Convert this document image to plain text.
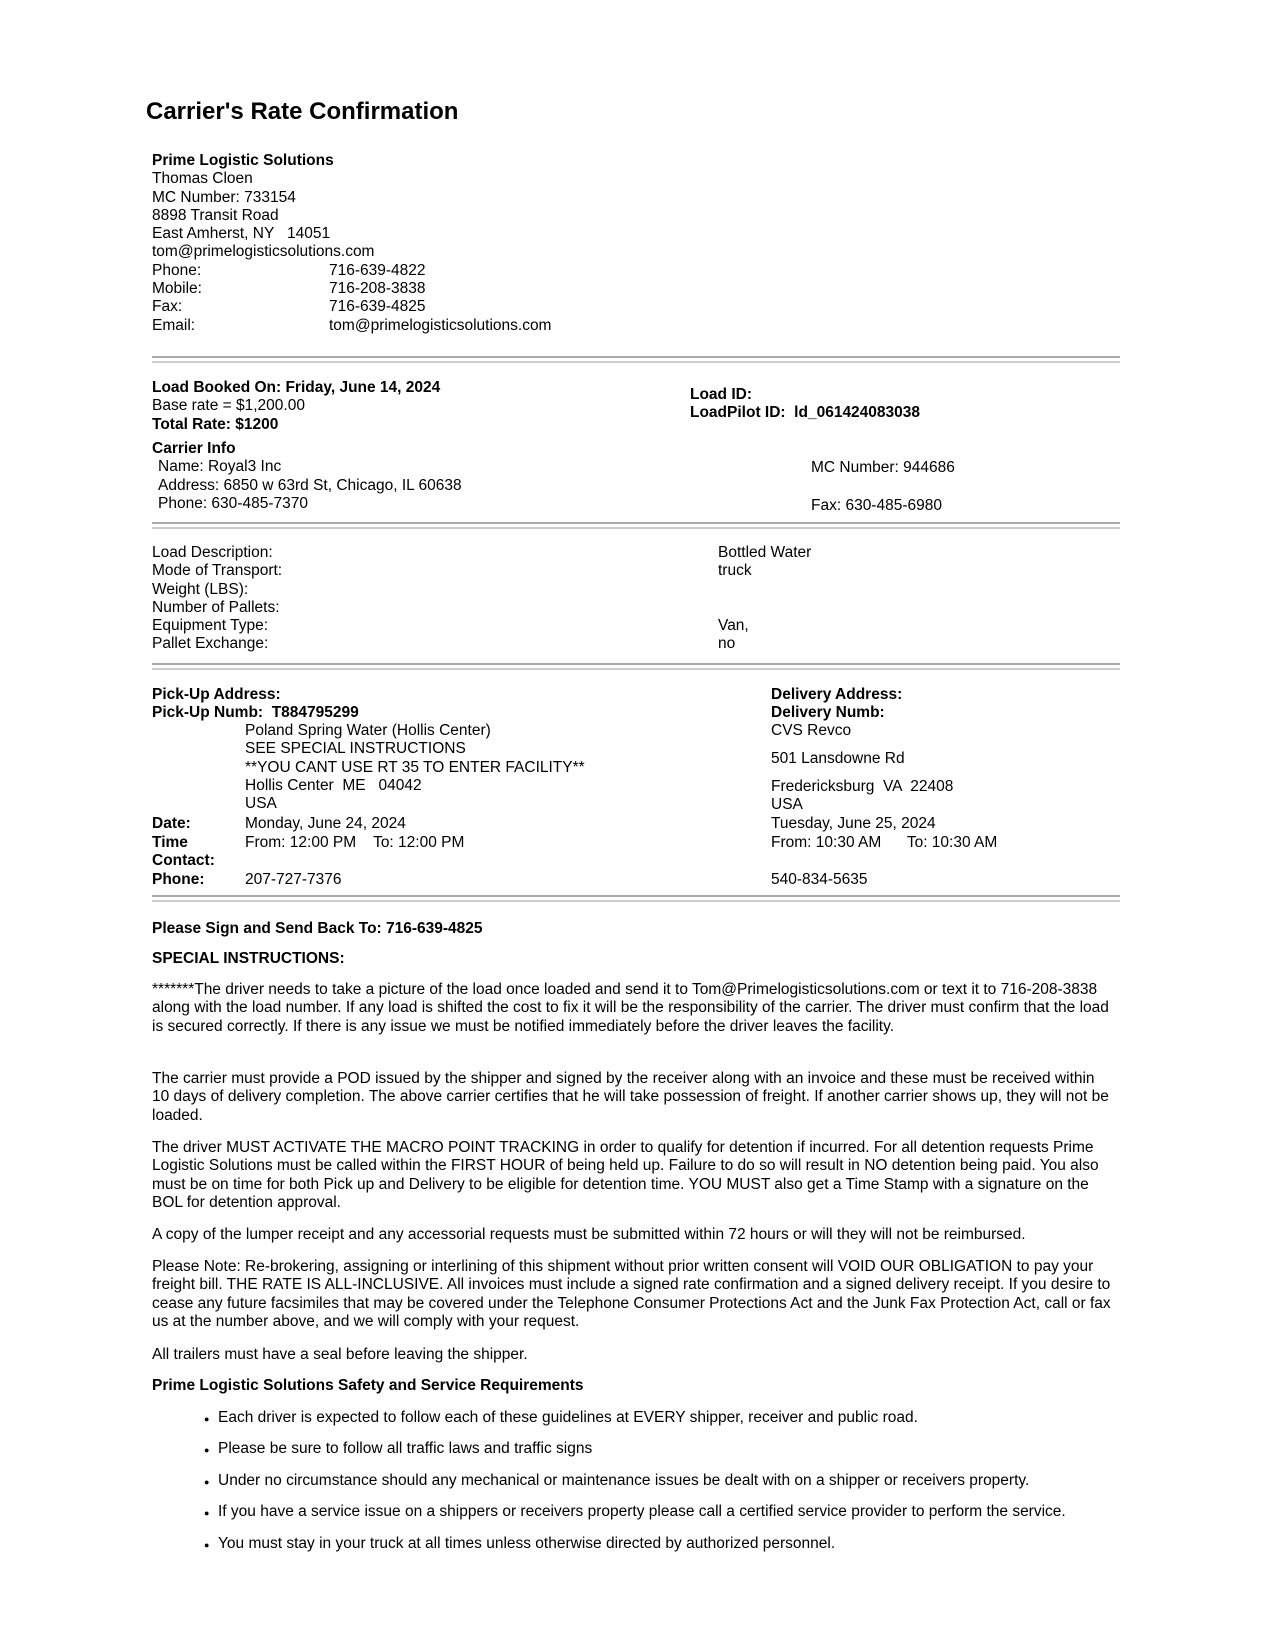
Carrier's Rate Confirmation
Prime Logistic Solutions
Thomas Cloen
MC Number: 733154
8898 Transit Road
East Amherst, NY   14051
tom@primelogisticsolutions.com
Phone:	716-639-4822
Mobile:	716-208-3838
Fax:	716-639-4825
Email:	tom@primelogisticsolutions.com
Load Booked On: Friday, June 14, 2024
Base rate = $1,200.00
Total Rate: $1200
Load ID:
LoadPilot ID:  ld_061424083038
Carrier Info
Name: Royal3 Inc
Address: 6850 w 63rd St, Chicago, IL 60638
Phone: 630-485-7370
MC Number: 944686
Fax: 630-485-6980
Load Description:	Bottled Water
Mode of Transport:	truck
Weight (LBS):
Number of Pallets:
Equipment Type:	Van,
Pallet Exchange:	no
Pick-Up Address:
Pick-Up Numb:  T884795299
Poland Spring Water (Hollis Center)
SEE SPECIAL INSTRUCTIONS
**YOU CANT USE RT 35 TO ENTER FACILITY**
Hollis Center  ME   04042
USA
Delivery Address:
Delivery Numb:
CVS Revco
501 Lansdowne Rd
Fredericksburg  VA  22408
USA
Date:	Monday, June 24, 2024	Tuesday, June 25, 2024
Time	From: 12:00 PM    To: 12:00 PM	From: 10:30 AM      To: 10:30 AM
Contact:
Phone:	207-727-7376	540-834-5635
Please Sign and Send Back To: 716-639-4825
SPECIAL INSTRUCTIONS:
*******The driver needs to take a picture of the load once loaded and send it to Tom@Primelogisticsolutions.com or text it to 716-208-3838 along with the load number. If any load is shifted the cost to fix it will be the responsibility of the carrier. The driver must confirm that the load is secured correctly. If there is any issue we must be notified immediately before the driver leaves the facility.
The carrier must provide a POD issued by the shipper and signed by the receiver along with an invoice and these must be received within 10 days of delivery completion. The above carrier certifies that he will take possession of freight. If another carrier shows up, they will not be loaded.
The driver MUST ACTIVATE THE MACRO POINT TRACKING in order to qualify for detention if incurred. For all detention requests Prime Logistic Solutions must be called within the FIRST HOUR of being held up. Failure to do so will result in NO detention being paid. You also must be on time for both Pick up and Delivery to be eligible for detention time. YOU MUST also get a Time Stamp with a signature on the BOL for detention approval.
A copy of the lumper receipt and any accessorial requests must be submitted within 72 hours or will they will not be reimbursed.
Please Note: Re-brokering, assigning or interlining of this shipment without prior written consent will VOID OUR OBLIGATION to pay your freight bill. THE RATE IS ALL-INCLUSIVE. All invoices must include a signed rate confirmation and a signed delivery receipt. If you desire to cease any future facsimiles that may be covered under the Telephone Consumer Protections Act and the Junk Fax Protection Act, call or fax us at the number above, and we will comply with your request.
All trailers must have a seal before leaving the shipper.
Prime Logistic Solutions Safety and Service Requirements
● Each driver is expected to follow each of these guidelines at EVERY shipper, receiver and public road.
● Please be sure to follow all traffic laws and traffic signs
● Under no circumstance should any mechanical or maintenance issues be dealt with on a shipper or receivers property.
● If you have a service issue on a shippers or receivers property please call a certified service provider to perform the service.
● You must stay in your truck at all times unless otherwise directed by authorized personnel.
